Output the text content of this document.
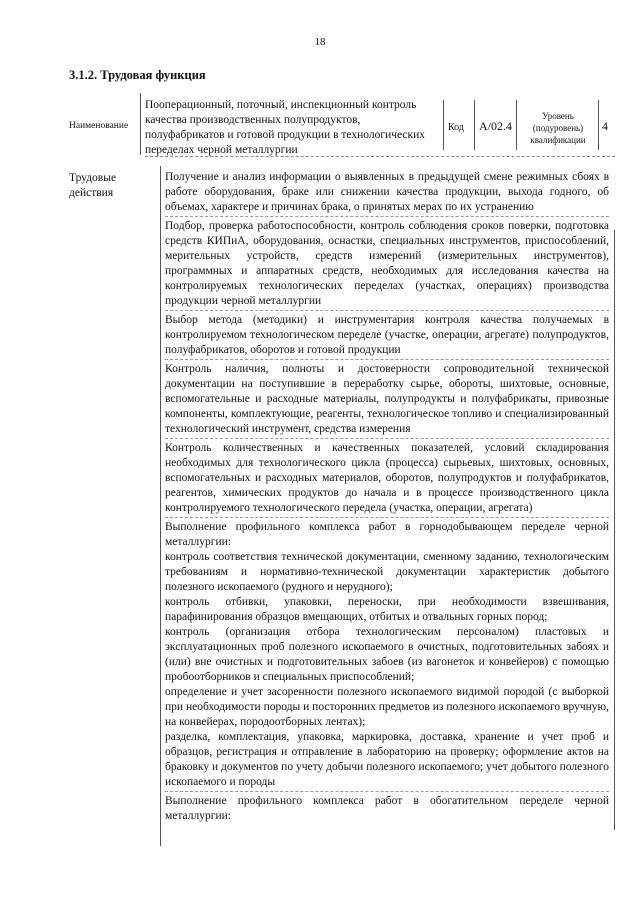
18
3.1.2. Трудовая функция
Наименование
Пооперационный, поточный, инспекционный контроль качества производственных полупродуктов, полуфабрикатов и готовой продукции в технологических переделах черной металлургии
Код А/02.4
Уровень (подуровень) квалификации
4
Трудовые действия
Получение и анализ информации о выявленных в предыдущей смене режимных сбоях в работе оборудования, браке или снижении качества продукции, выхода годного, об объемах, характере и причинах брака, о принятых мерах по их устранению
Подбор, проверка работоспособности, контроль соблюдения сроков поверки, подготовка средств КИПиА, оборудования, оснастки, специальных инструментов, приспособлений, мерительных устройств, средств измерений (измерительных инструментов), программных и аппаратных средств, необходимых для исследования качества на контролируемых технологических переделах (участках, операциях) производства продукции черной металлургии
Выбор метода (методики) и инструментария контроля качества получаемых в контролируемом технологическом переделе (участке, операции, агрегате) полупродуктов, полуфабрикатов, оборотов и готовой продукции
Контроль наличия, полноты и достоверности сопроводительной технической документации на поступившие в переработку сырье, обороты, шихтовые, основные, вспомогательные и расходные материалы, полупродукты и полуфабрикаты, привозные компоненты, комплектующие, реагенты, технологическое топливо и специализированный технологический инструмент, средства измерения
Контроль количественных и качественных показателей, условий складирования необходимых для технологического цикла (процесса) сырьевых, шихтовых, основных, вспомогательных и расходных материалов, оборотов, полупродуктов и полуфабрикатов, реагентов, химических продуктов до начала и в процессе производственного цикла контролируемого технологического передела (участка, операции, агрегата)
Выполнение профильного комплекса работ в горнодобывающем переделе черной металлургии:
контроль соответствия технической документации, сменному заданию, технологическим требованиям и нормативно-технической документации характеристик добытого полезного ископаемого (рудного и нерудного);
контроль отбивки, упаковки, переноски, при необходимости взвешивания, парафинирования образцов вмещающих, отбитых и отвальных горных пород;
контроль (организация отбора технологическим персоналом) пластовых и эксплуатационных проб полезного ископаемого в очистных, подготовительных забоях и (или) вне очистных и подготовительных забоев (из вагонеток и конвейеров) с помощью пробоотборников и специальных приспособлений;
определение и учет засоренности полезного ископаемого видимой породой (с выборкой при необходимости породы и посторонних предметов из полезного ископаемого вручную, на конвейерах, породоотборных лентах);
разделка, комплектация, упаковка, маркировка, доставка, хранение и учет проб и образцов, регистрация и отправление в лабораторию на проверку; оформление актов на браковку и документов по учету добычи полезного ископаемого; учет добытого полезного ископаемого и породы
Выполнение профильного комплекса работ в обогатительном переделе черной металлургии:
